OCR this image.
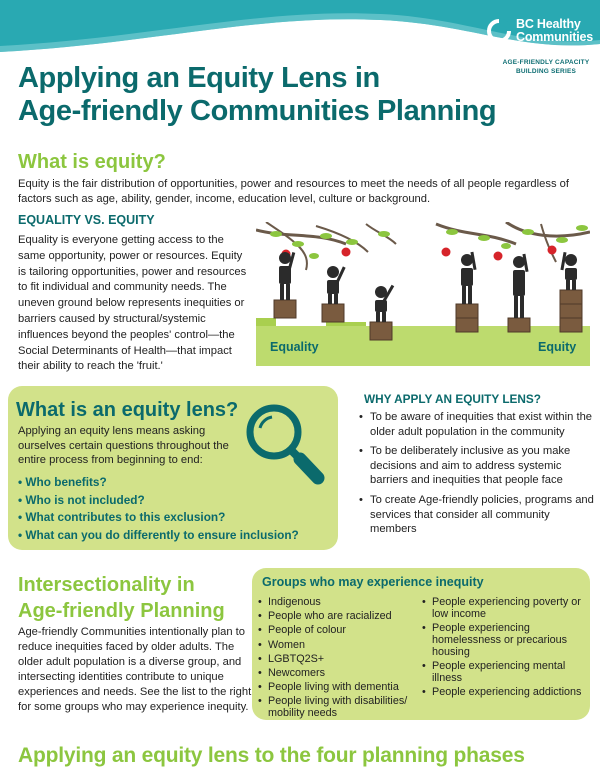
BC Healthy
Communities
AGE-FRIENDLY CAPACITY
BUILDING SERIES
Applying an Equity Lens in
Age-friendly Communities Planning
What is equity?

Equity is the fair distribution of opportunities, power and resources to meet the needs of all people regardless of factors such as age, ability, gender, income, education level, culture or background.

EQUALITY VS. EQUITY

Equality is everyone getting access to the same opportunity, power or resources. Equity is tailoring opportunities, power and resources to fit individual and community needs. The uneven ground below represents inequities or barriers caused by structural/systemic influences beyond the peoples' control—the Social Determinants of Health—that impact their ability to reach the 'fruit.'

Equality	Equity
What is an equity lens?

Applying an equity lens means asking ourselves certain questions throughout the entire process from beginning to end:

• Who benefits?
• Who is not included?
• What contributes to this exclusion?
• What can you do differently to ensure inclusion?
WHY APPLY AN EQUITY LENS?
• To be aware of inequities that exist within the older adult population in the community
• To be deliberately inclusive as you make decisions and aim to address systemic barriers and inequities that people face
• To create Age-friendly policies, programs and services that consider all community members
Intersectionality in
Age-friendly Planning

Age-friendly Communities intentionally plan to reduce inequities faced by older adults. The older adult population is a diverse group, and intersecting identities contribute to unique experiences and needs. See the list to the right for some groups who may experience inequity.

Groups who may experience inequity
• Indigenous
• People who are racialized
• People of colour
• Women
• LGBTQ2S+
• Newcomers
• People living with dementia
• People living with disabilities/ mobility needs
• People experiencing poverty or low income
• People experiencing homelessness or precarious housing
• People experiencing mental illness
• People experiencing addictions
Applying an equity lens to the four planning phases
